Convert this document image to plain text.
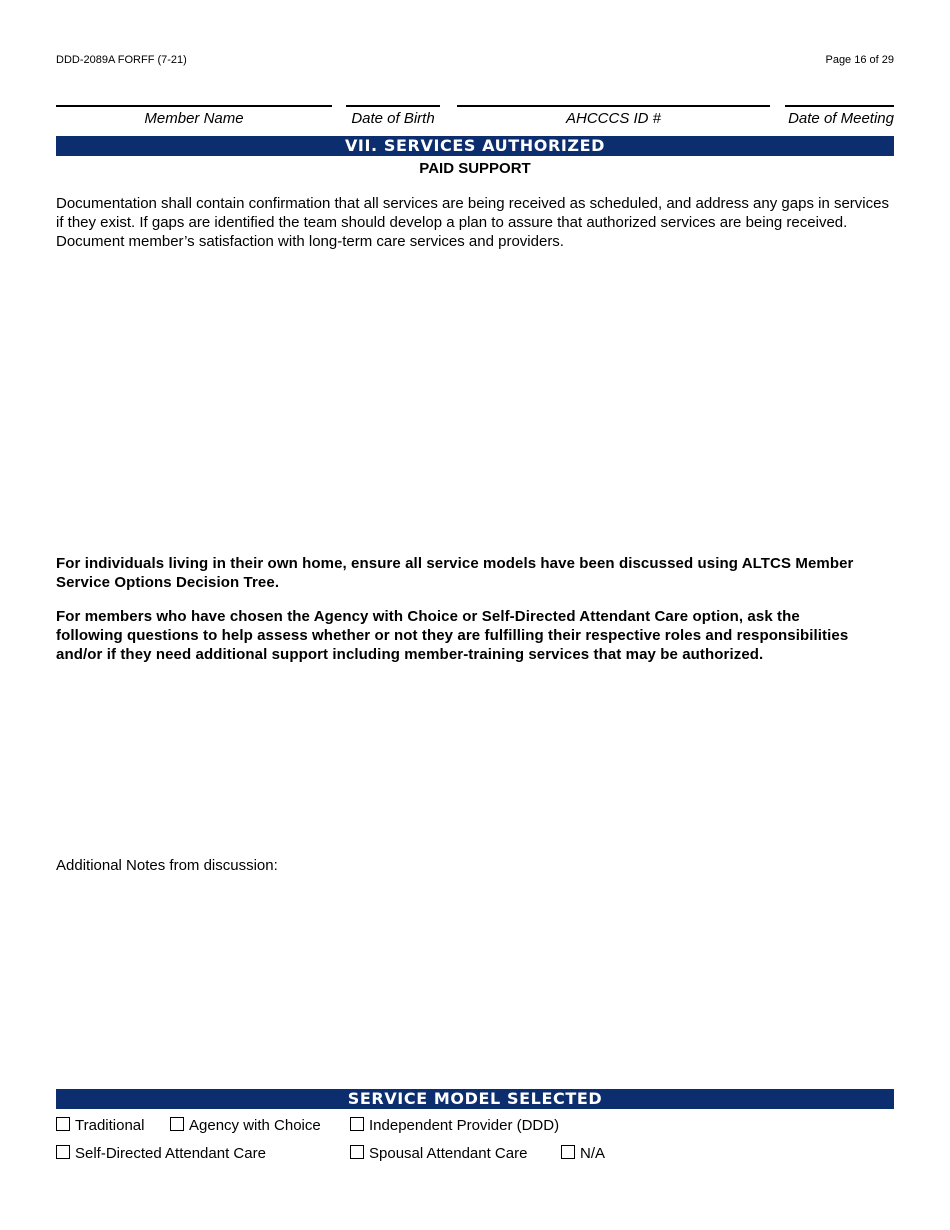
DDD-2089A FORFF (7-21)	Page 16 of 29
Member Name	Date of Birth	AHCCCS ID #	Date of Meeting
VII. SERVICES AUTHORIZED
PAID SUPPORT
Documentation shall contain confirmation that all services are being received as scheduled, and address any gaps in services if they exist. If gaps are identified the team should develop a plan to assure that authorized services are being received. Document member’s satisfaction with long-term care services and providers.
For individuals living in their own home, ensure all service models have been discussed using ALTCS Member Service Options Decision Tree.
For members who have chosen the Agency with Choice or Self-Directed Attendant Care option, ask the following questions to help assess whether or not they are fulfilling their respective roles and responsibilities and/or if they need additional support including member-training services that may be authorized.
Additional Notes from discussion:
SERVICE MODEL SELECTED
Traditional	Agency with Choice	Independent Provider (DDD)
Self-Directed Attendant Care	Spousal Attendant Care	N/A
